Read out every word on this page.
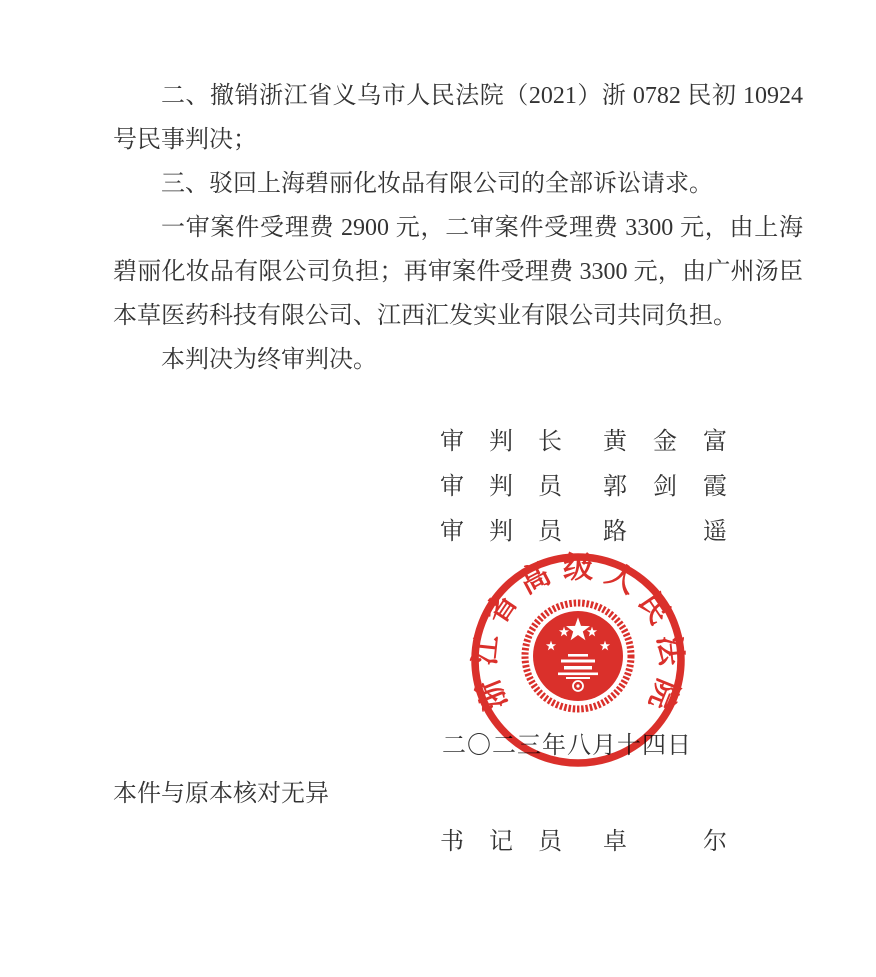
二、撤销浙江省义乌市人民法院（2021）浙 0782 民初 10924 号民事判决；

三、驳回上海碧丽化妆品有限公司的全部诉讼请求。

一审案件受理费 2900 元，二审案件受理费 3300 元，由上海碧丽化妆品有限公司负担；再审案件受理费 3300 元，由广州汤臣本草医药科技有限公司、江西汇发实业有限公司共同负担。

本判决为终审判决。

审判长 黄金富
审判员 郭剑霞
审判员 路　遥
二〇二三年八月十四日
本件与原本核对无异
书记员 卓　尔
浙
江
省
高 级 人
民
法
院
